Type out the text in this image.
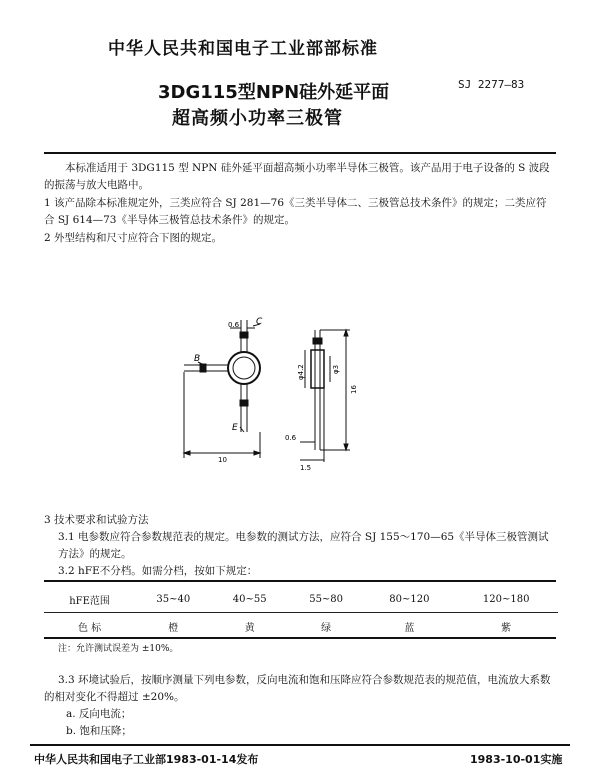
中华人民共和国电子工业部部标准
3DG115型NPN硅外延平面
超高频小功率三极管
SJ 2277—83
本标准适用于 3DG115 型 NPN 硅外延平面超高频小功率半导体三极管。该产品用于电子设备的 S 波段的振荡与放大电路中。
1 该产品除本标准规定外，三类应符合 SJ 281—76《三类半导体二、三极管总技术条件》的规定；二类应符合 SJ 614—73《半导体三极管总技术条件》的规定。
2 外型结构和尺寸应符合下图的规定。
0.6 C
B
E
10
φ4.2	φ3
16
0.6
1.5
3 技术要求和试验方法
3.1 电参数应符合参数规范表的规定。电参数的测试方法，应符合 SJ 155～170—65《半导体三极管测试方法》的规定。
3.2 hFE不分档。如需分档，按如下规定：
hFE范围	35~40	40~55	55~80	80~120	120~180
色 标	橙	黄	绿	蓝	紫
注：允许测试误差为 ±10%。
3.3 环境试验后，按顺序测量下列电参数，反向电流和饱和压降应符合参数规范表的规范值，电流放大系数的相对变化不得超过 ±20%。
a. 反向电流；
b. 饱和压降；
中华人民共和国电子工业部1983-01-14发布	1983-10-01实施
